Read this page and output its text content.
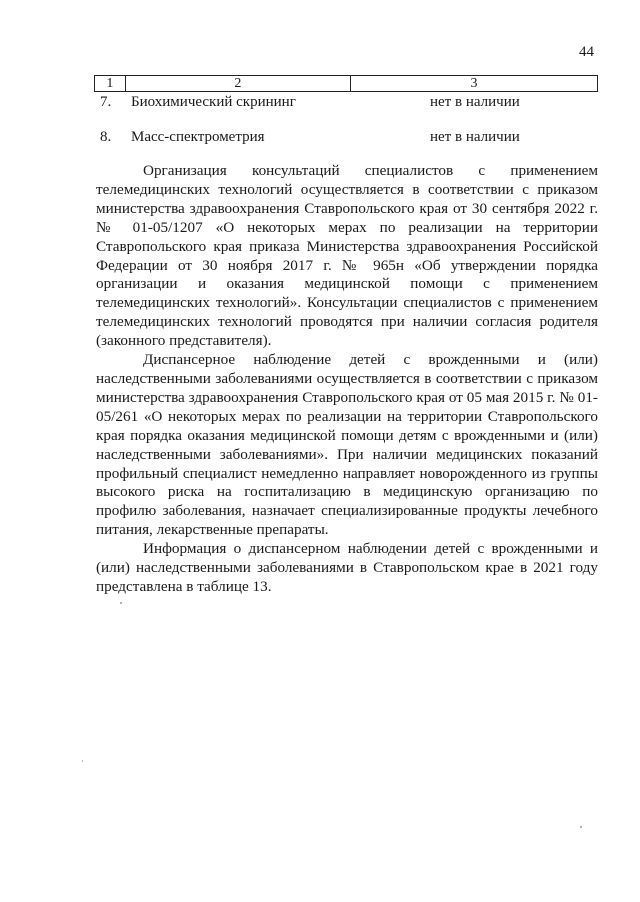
44
1	2	3
7. Биохимический скрининг	нет в наличии
8. Масс-спектрометрия	нет в наличии

Организация консультаций специалистов с применением телемедицинских технологий осуществляется в соответствии с приказом министерства здравоохранения Ставропольского края от 30 сентября 2022 г. № 01-05/1207 «О некоторых мерах по реализации на территории Ставропольского края приказа Министерства здравоохранения Российской Федерации от 30 ноября 2017 г. № 965н «Об утверждении порядка организации и оказания медицинской помощи с применением телемедицинских технологий». Консультации специалистов с применением телемедицинских технологий проводятся при наличии согласия родителя (законного представителя).

Диспансерное наблюдение детей с врожденными и (или) наследственными заболеваниями осуществляется в соответствии с приказом министерства здравоохранения Ставропольского края от 05 мая 2015 г. № 01-05/261 «О некоторых мерах по реализации на территории Ставропольского края порядка оказания медицинской помощи детям с врожденными и (или) наследственными заболеваниями». При наличии медицинских показаний профильный специалист немедленно направляет новорожденного из группы высокого риска на госпитализацию в медицинскую организацию по профилю заболевания, назначает специализированные продукты лечебного питания, лекарственные препараты.

Информация о диспансерном наблюдении детей с врожденными и (или) наследственными заболеваниями в Ставропольском крае в 2021 году представлена в таблице 13.
